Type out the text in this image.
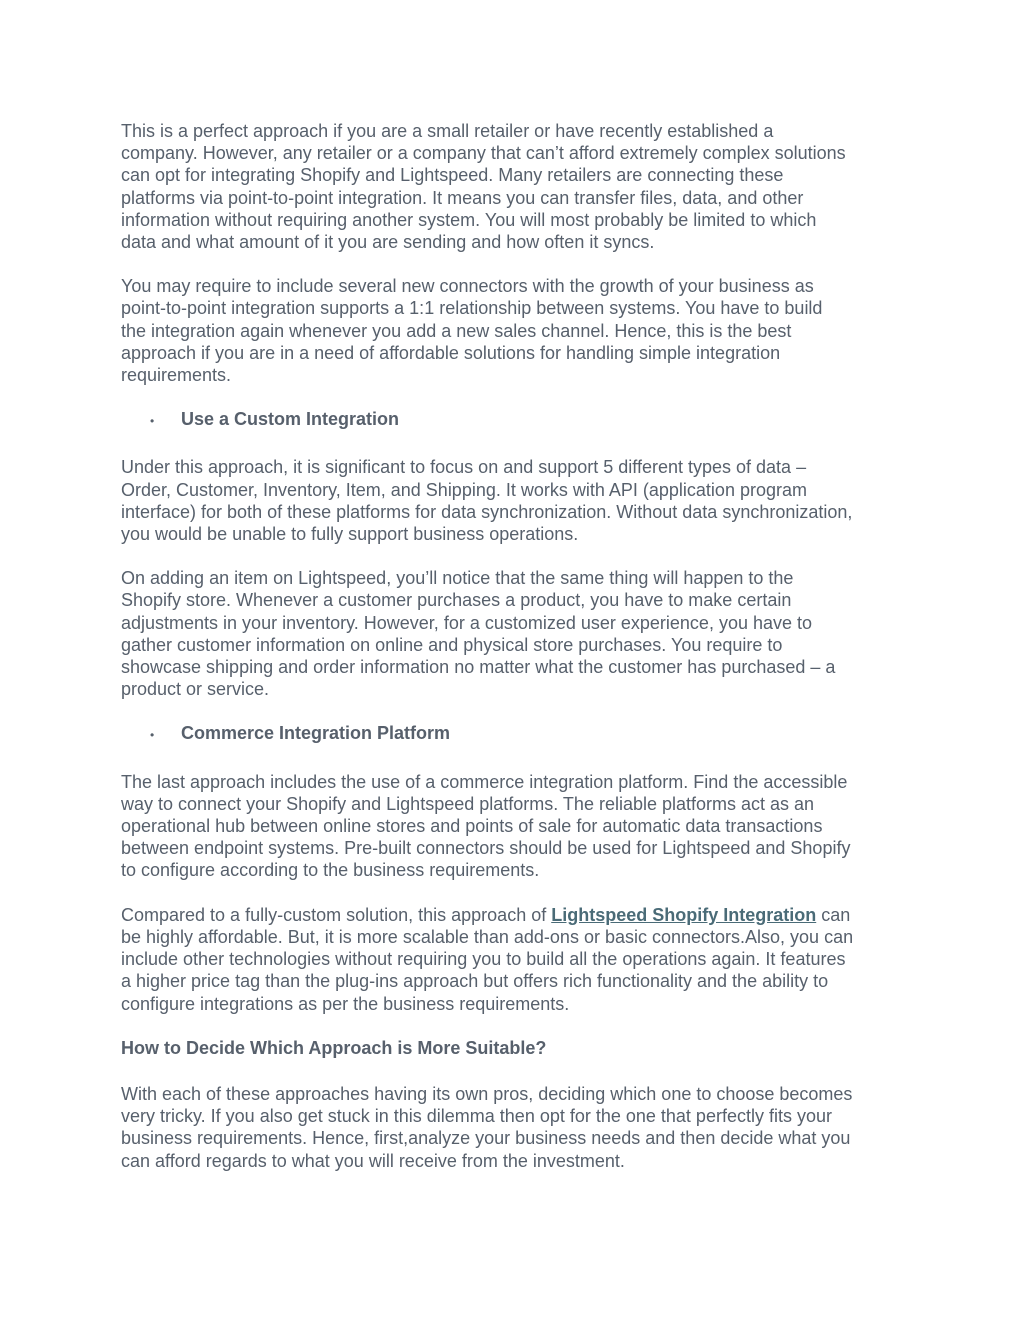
This is a perfect approach if you are a small retailer or have recently established a
company. However, any retailer or a company that can’t afford extremely complex solutions
can opt for integrating Shopify and Lightspeed. Many retailers are connecting these
platforms via point-to-point integration. It means you can transfer files, data, and other
information without requiring another system. You will most probably be limited to which
data and what amount of it you are sending and how often it syncs.

You may require to include several new connectors with the growth of your business as
point-to-point integration supports a 1:1 relationship between systems. You have to build
the integration again whenever you add a new sales channel. Hence, this is the best
approach if you are in a need of affordable solutions for handling simple integration
requirements.

•	Use a Custom Integration

Under this approach, it is significant to focus on and support 5 different types of data –
Order, Customer, Inventory, Item, and Shipping. It works with API (application program
interface) for both of these platforms for data synchronization. Without data synchronization,
you would be unable to fully support business operations.

On adding an item on Lightspeed, you’ll notice that the same thing will happen to the
Shopify store. Whenever a customer purchases a product, you have to make certain
adjustments in your inventory. However, for a customized user experience, you have to
gather customer information on online and physical store purchases. You require to
showcase shipping and order information no matter what the customer has purchased – a
product or service.

•	Commerce Integration Platform

The last approach includes the use of a commerce integration platform. Find the accessible
way to connect your Shopify and Lightspeed platforms. The reliable platforms act as an
operational hub between online stores and points of sale for automatic data transactions
between endpoint systems. Pre-built connectors should be used for Lightspeed and Shopify
to configure according to the business requirements.

Compared to a fully-custom solution, this approach of Lightspeed Shopify Integration can
be highly affordable. But, it is more scalable than add-ons or basic connectors.Also, you can
include other technologies without requiring you to build all the operations again. It features
a higher price tag than the plug-ins approach but offers rich functionality and the ability to
configure integrations as per the business requirements.

How to Decide Which Approach is More Suitable?

With each of these approaches having its own pros, deciding which one to choose becomes
very tricky. If you also get stuck in this dilemma then opt for the one that perfectly fits your
business requirements. Hence, first,analyze your business needs and then decide what you
can afford regards to what you will receive from the investment.
